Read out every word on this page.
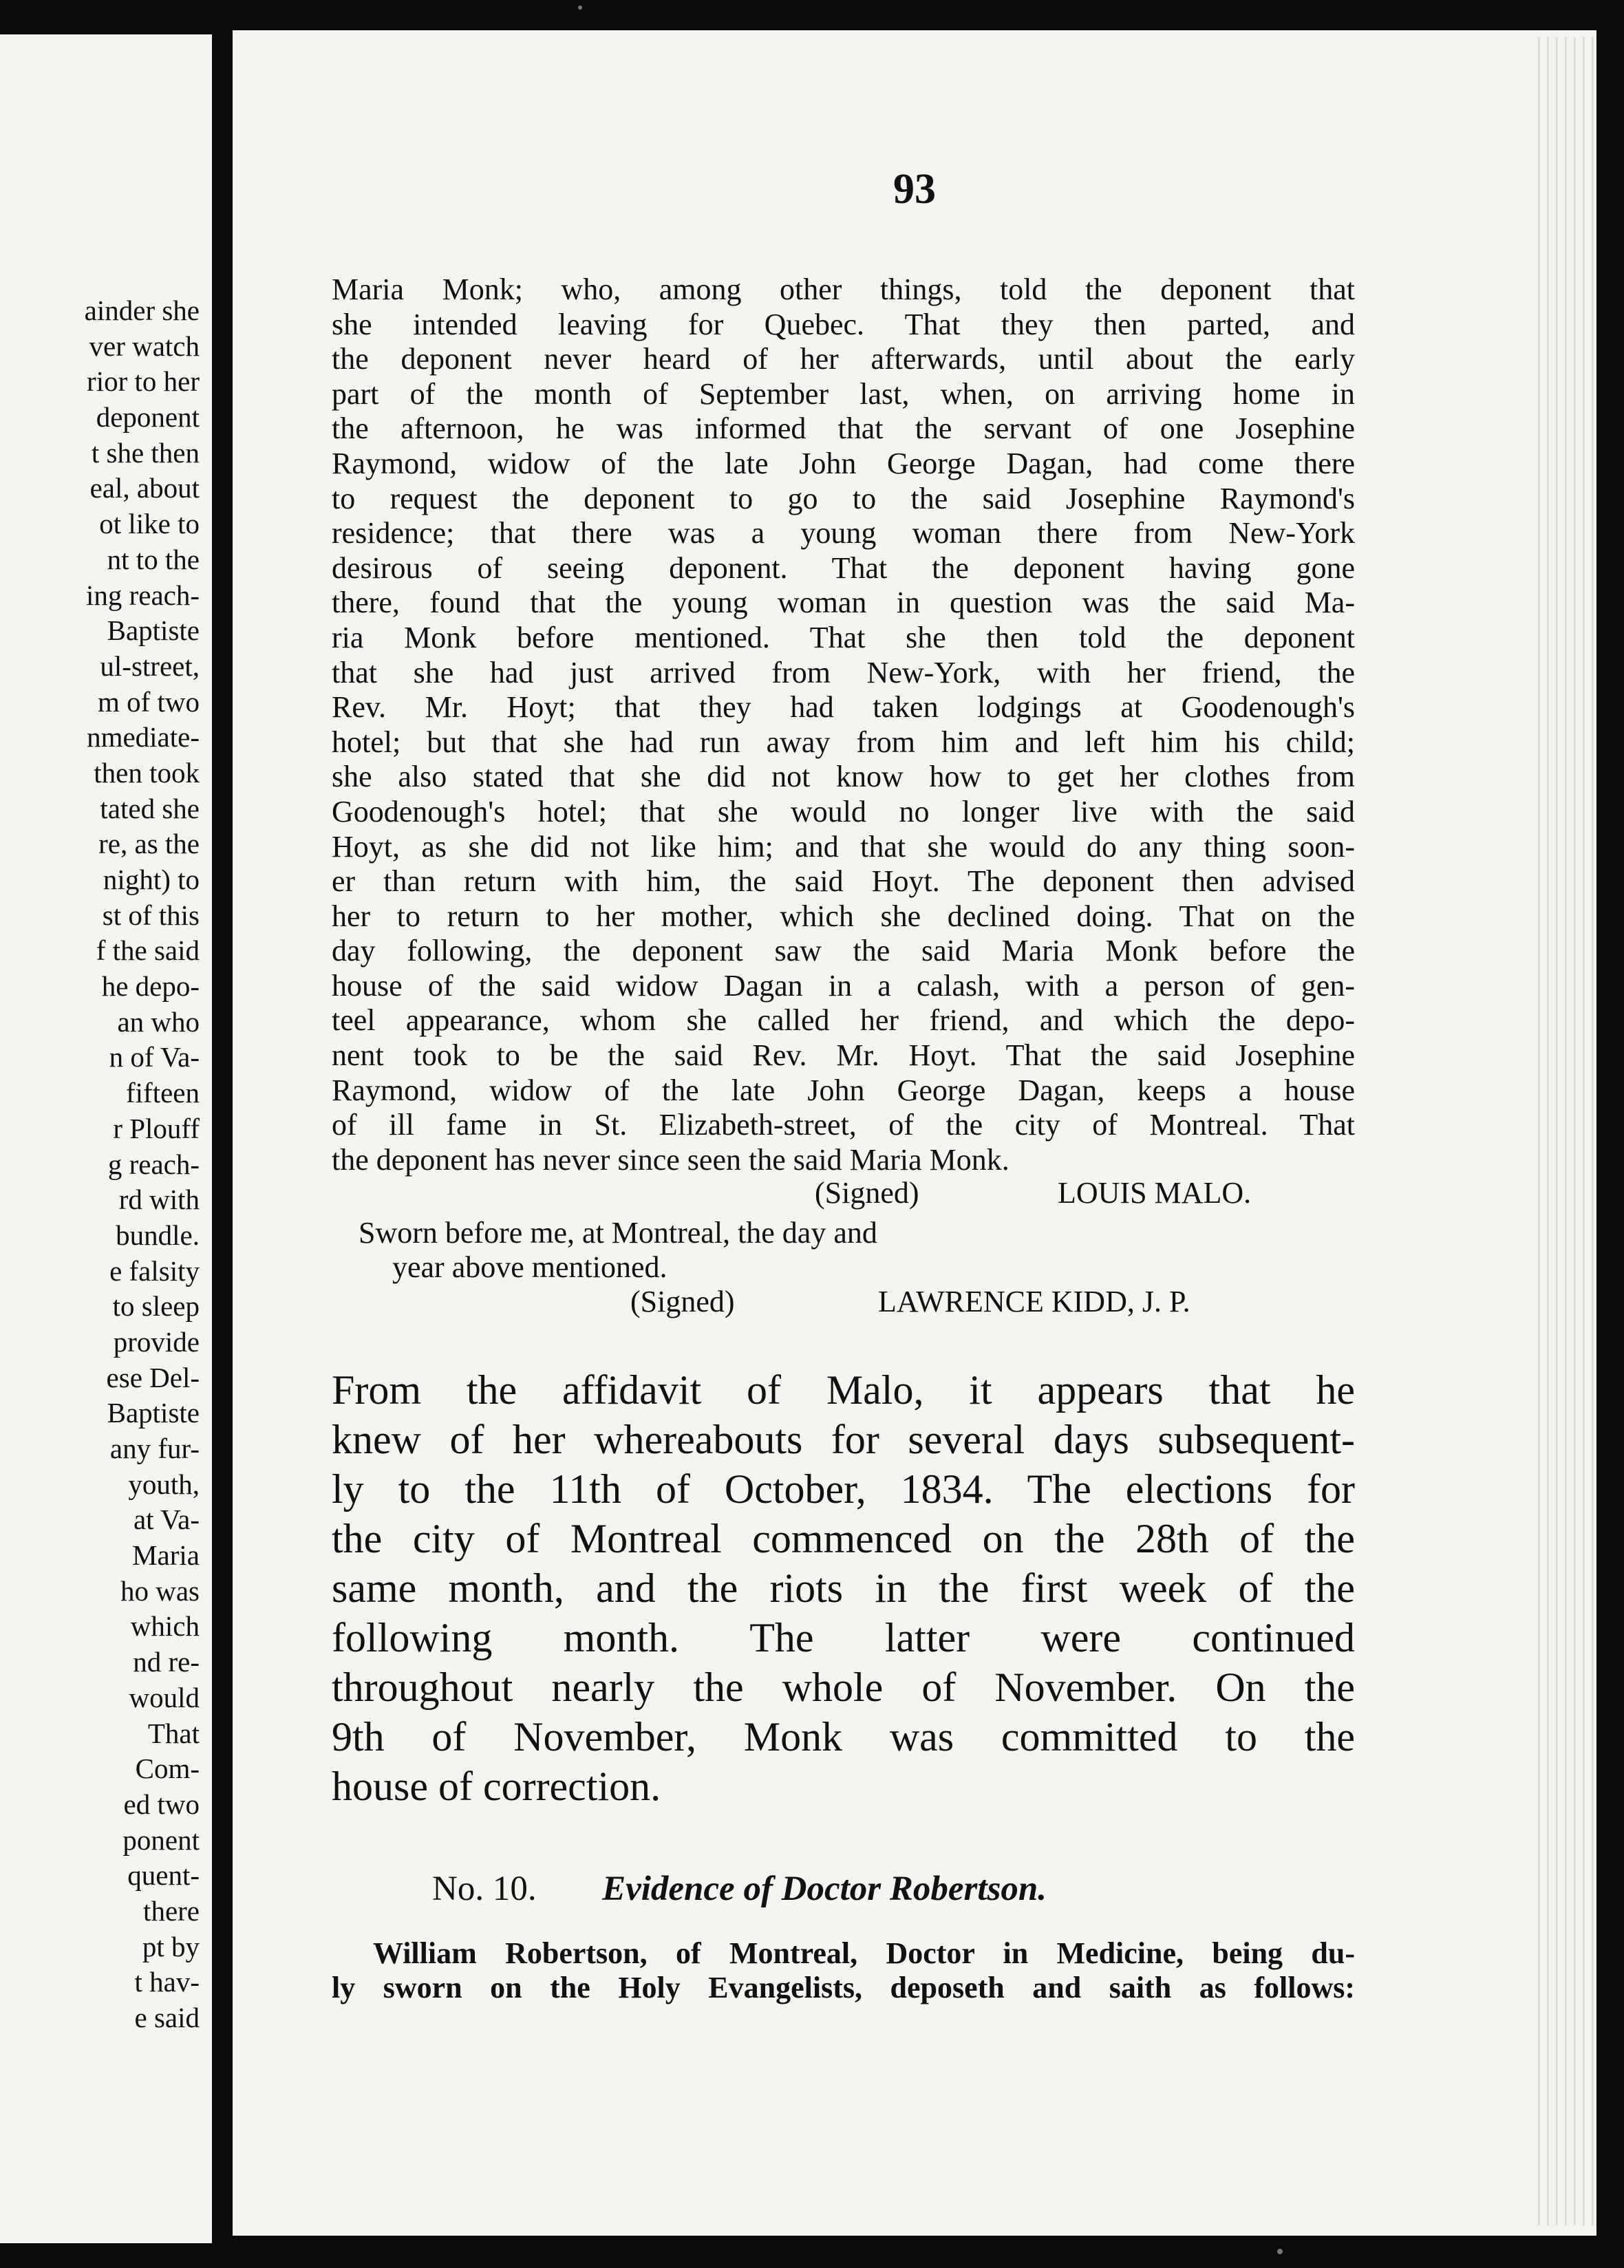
ainder she
ver watch
rior to her
deponent
t she then
eal, about
ot like to
nt to the
ing reach-
Baptiste
ul-street,
m of two
nmediate-
then took
tated she
re, as the
night) to
st of this
f the said
he depo-
an who
n of Va-
fifteen
r Plouff
g reach-
rd with
bundle.
e falsity
to sleep
provide
ese Del-
Baptiste
any fur-
youth,
at Va-
Maria
ho was
which
nd re-
would
That
Com-
ed two
ponent
quent-
there
pt by
t hav-
e said
93
Maria Monk; who, among other things, told the deponent that
she intended leaving for Quebec. That they then parted, and
the deponent never heard of her afterwards, until about the early
part of the month of September last, when, on arriving home in
the afternoon, he was informed that the servant of one Josephine
Raymond, widow of the late John George Dagan, had come there
to request the deponent to go to the said Josephine Raymond's
residence; that there was a young woman there from New-York
desirous of seeing deponent. That the deponent having gone
there, found that the young woman in question was the said Ma-
ria Monk before mentioned. That she then told the deponent
that she had just arrived from New-York, with her friend, the
Rev. Mr. Hoyt; that they had taken lodgings at Goodenough's
hotel; but that she had run away from him and left him his child;
she also stated that she did not know how to get her clothes from
Goodenough's hotel; that she would no longer live with the said
Hoyt, as she did not like him; and that she would do any thing soon-
er than return with him, the said Hoyt. The deponent then advised
her to return to her mother, which she declined doing. That on the
day following, the deponent saw the said Maria Monk before the
house of the said widow Dagan in a calash, with a person of gen-
teel appearance, whom she called her friend, and which the depo-
nent took to be the said Rev. Mr. Hoyt. That the said Josephine
Raymond, widow of the late John George Dagan, keeps a house
of ill fame in St. Elizabeth-street, of the city of Montreal. That
the deponent has never since seen the said Maria Monk.
(Signed)	LOUIS MALO.
Sworn before me, at Montreal, the day and
year above mentioned.
(Signed)	LAWRENCE KIDD, J. P.
From the affidavit of Malo, it appears that he
knew of her whereabouts for several days subsequent-
ly to the 11th of October, 1834. The elections for
the city of Montreal commenced on the 28th of the
same month, and the riots in the first week of the
following month. The latter were continued
throughout nearly the whole of November. On the
9th of November, Monk was committed to the
house of correction.
No. 10. Evidence of Doctor Robertson.
William Robertson, of Montreal, Doctor in Medicine, being du-
ly sworn on the Holy Evangelists, deposeth and saith as follows:
